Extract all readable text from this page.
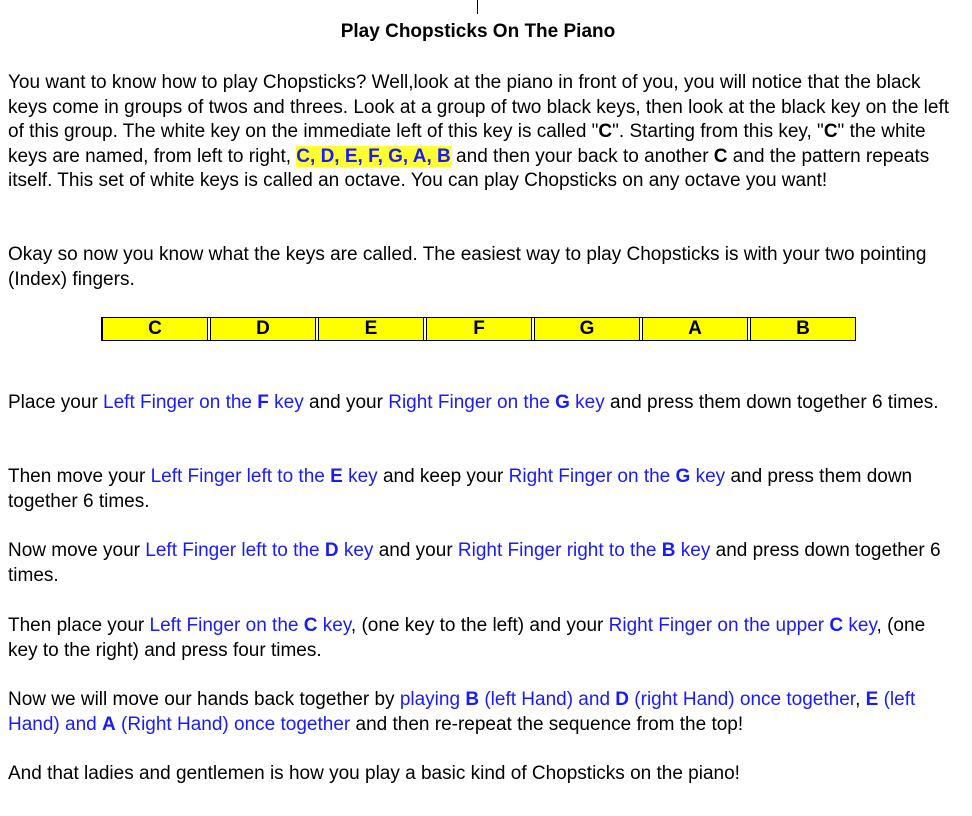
Play Chopsticks On The Piano

You want to know how to play Chopsticks? Well,look at the piano in front of you, you will notice that the black keys come in groups of twos and threes. Look at a group of two black keys, then look at the black key on the left of this group. The white key on the immediate left of this key is called "C". Starting from this key, "C" the white keys are named, from left to right, C, D, E, F, G, A, B and then your back to another C and the pattern repeats itself. This set of white keys is called an octave. You can play Chopsticks on any octave you want!

Okay so now you know what the keys are called. The easiest way to play Chopsticks is with your two pointing (Index) fingers.

C	D	E	F	G	A	B

Place your Left Finger on the F key and your Right Finger on the G key and press them down together 6 times.

Then move your Left Finger left to the E key and keep your Right Finger on the G key and press them down together 6 times.

Now move your Left Finger left to the D key and your Right Finger right to the B key and press down together 6 times.

Then place your Left Finger on the C key, (one key to the left) and your Right Finger on the upper C key, (one key to the right) and press four times.

Now we will move our hands back together by playing B (left Hand) and D (right Hand) once together, E (left Hand) and A (Right Hand) once together and then re-repeat the sequence from the top!

And that ladies and gentlemen is how you play a basic kind of Chopsticks on the piano!
